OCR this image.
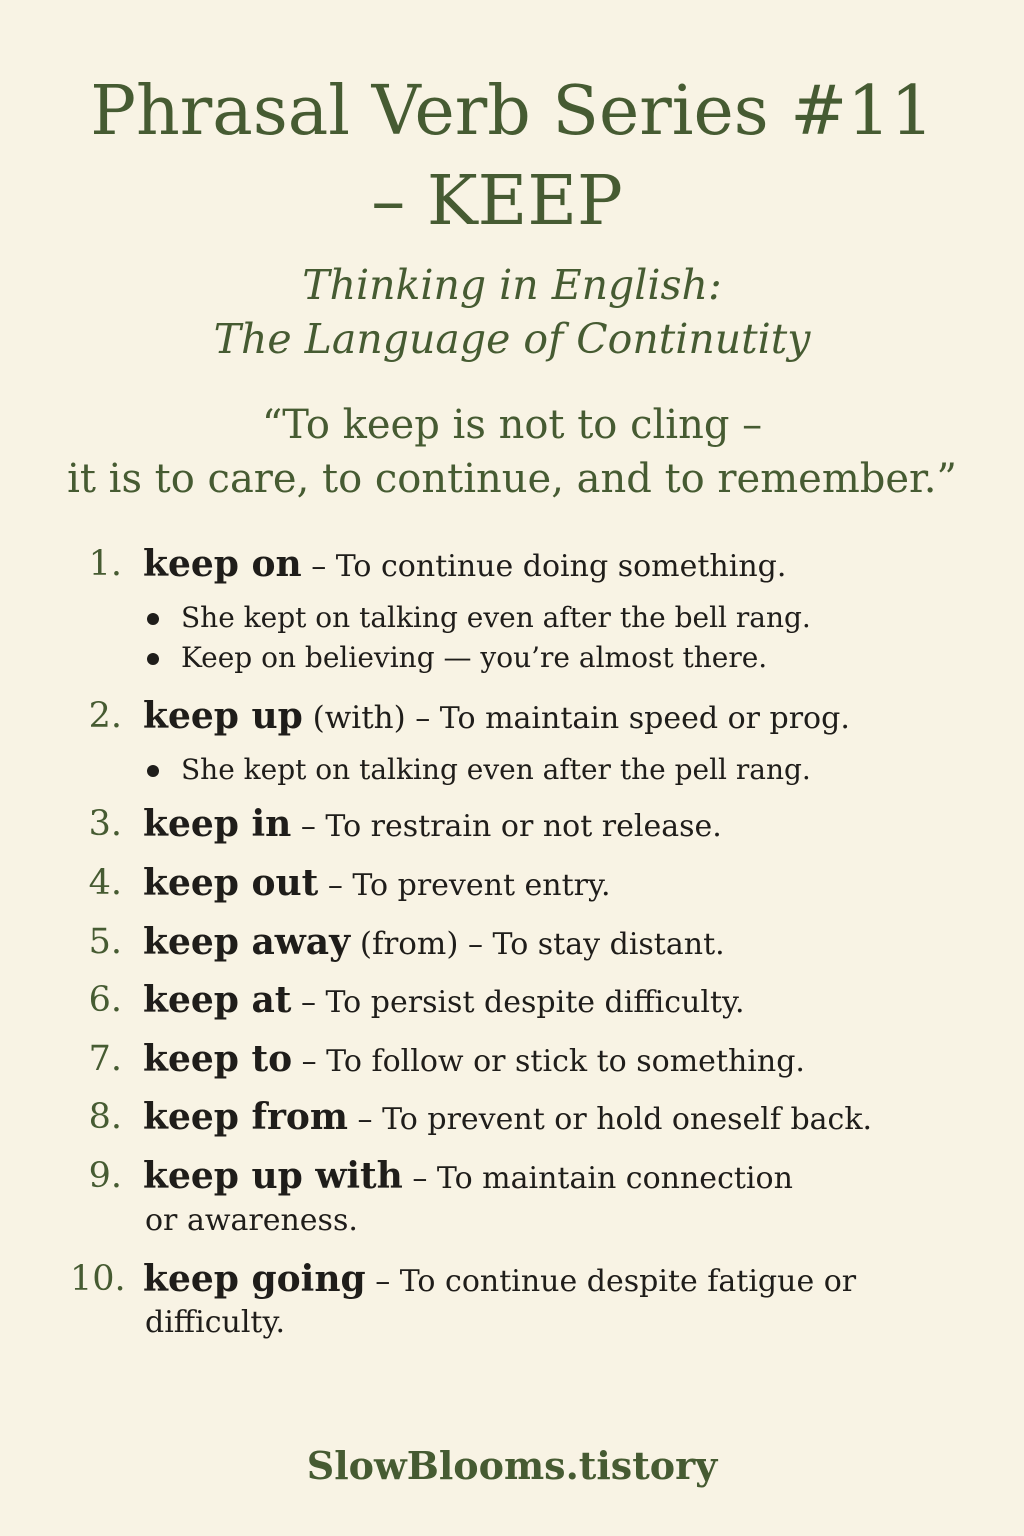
Phrasal Verb Series #11
– KEEP
Thinking in English:
The Language of Continutity
“To keep is not to cling –
it is to care, to continue, and to remember.”
1. keep on – To continue doing something.
She kept on talking even after the bell rang.
Keep on believing — you’re almost there.
2. keep up (with) – To maintain speed or prog.
She kept on talking even after the pell rang.
3. keep in – To restrain or not release.
4. keep out – To prevent entry.
5. keep away (from) – To stay distant.
6. keep at – To persist despite difficulty.
7. keep to – To follow or stick to something.
8. keep from – To prevent or hold oneself back.
9. keep up with – To maintain connection
or awareness.
10. keep going – To continue despite fatigue or
difficulty.
SlowBlooms.tistory
